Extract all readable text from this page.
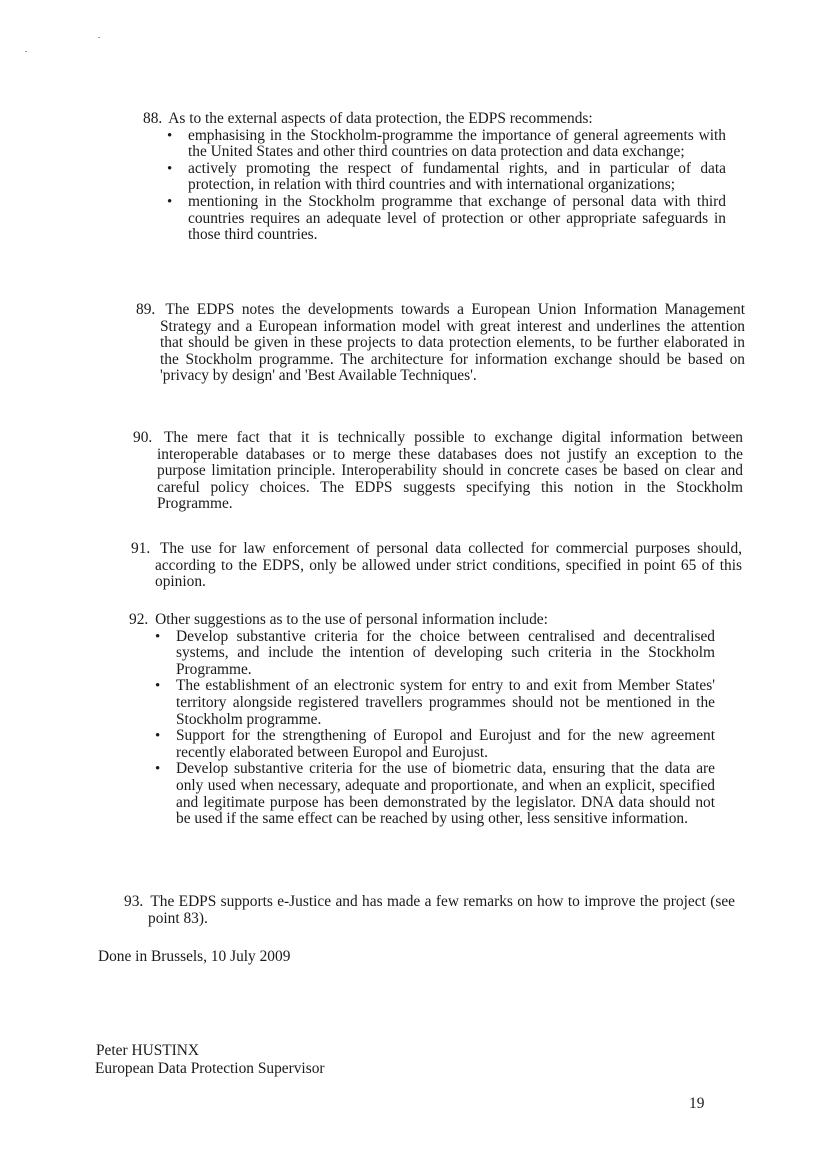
88. As to the external aspects of data protection, the EDPS recommends:
• emphasising in the Stockholm-programme the importance of general agreements with the United States and other third countries on data protection and data exchange;
• actively promoting the respect of fundamental rights, and in particular of data protection, in relation with third countries and with international organizations;
• mentioning in the Stockholm programme that exchange of personal data with third countries requires an adequate level of protection or other appropriate safeguards in those third countries.
89. The EDPS notes the developments towards a European Union Information Management Strategy and a European information model with great interest and underlines the attention that should be given in these projects to data protection elements, to be further elaborated in the Stockholm programme. The architecture for information exchange should be based on 'privacy by design' and 'Best Available Techniques'.
90. The mere fact that it is technically possible to exchange digital information between interoperable databases or to merge these databases does not justify an exception to the purpose limitation principle. Interoperability should in concrete cases be based on clear and careful policy choices. The EDPS suggests specifying this notion in the Stockholm Programme.
91. The use for law enforcement of personal data collected for commercial purposes should, according to the EDPS, only be allowed under strict conditions, specified in point 65 of this opinion.
92. Other suggestions as to the use of personal information include:
• Develop substantive criteria for the choice between centralised and decentralised systems, and include the intention of developing such criteria in the Stockholm Programme.
• The establishment of an electronic system for entry to and exit from Member States' territory alongside registered travellers programmes should not be mentioned in the Stockholm programme.
• Support for the strengthening of Europol and Eurojust and for the new agreement recently elaborated between Europol and Eurojust.
• Develop substantive criteria for the use of biometric data, ensuring that the data are only used when necessary, adequate and proportionate, and when an explicit, specified and legitimate purpose has been demonstrated by the legislator. DNA data should not be used if the same effect can be reached by using other, less sensitive information.
93. The EDPS supports e-Justice and has made a few remarks on how to improve the project (see point 83).
Done in Brussels, 10 July 2009
Peter HUSTINX
European Data Protection Supervisor
19
